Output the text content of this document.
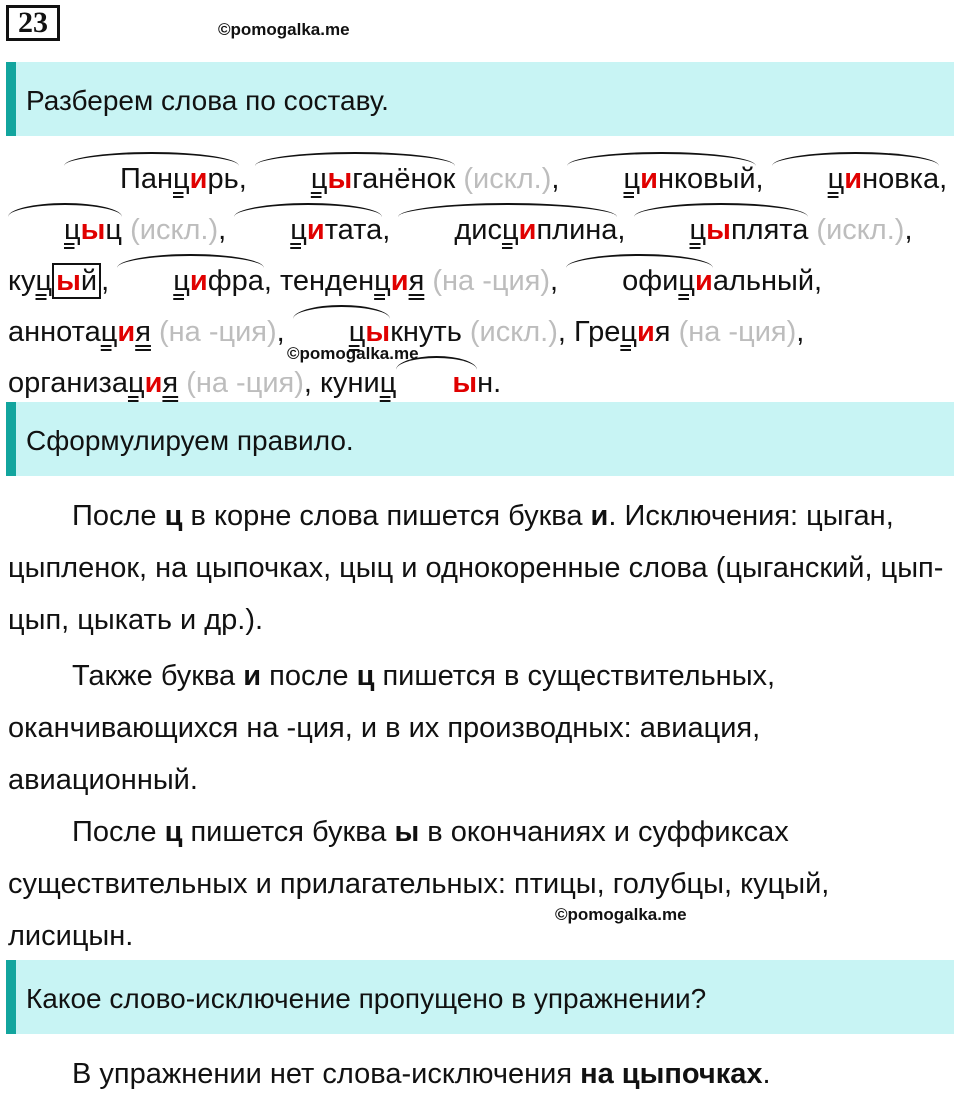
23	©pomogalka.me
Разберем слова по составу.
Панцирь, цыганёнок (искл.), цинковый, циновка, цыц (искл.), цитата, дисциплина, цыплята (искл.), куц ый , цифра, тенденция (на -ция), официальный, аннотация (на -ция), цыкнуть (искл.), Греция (на -ция), организация (на -ция), куниц ын.
©pomogalka.me
Сформулируем правило.
После ц в корне слова пишется буква и. Исключения: цыган, цыпленок, на цыпочках, цыц и однокоренные слова (цыганский, цып-цып, цыкать и др.).
Также буква и после ц пишется в существительных, оканчивающихся на -ция, и в их производных: авиация, авиационный.
После ц пишется буква ы в окончаниях и суффиксах существительных и прилагательных: птицы, голубцы, куцый, лисицын.
©pomogalka.me
Какое слово-исключение пропущено в упражнении?
В упражнении нет слова-исключения на цыпочках.
